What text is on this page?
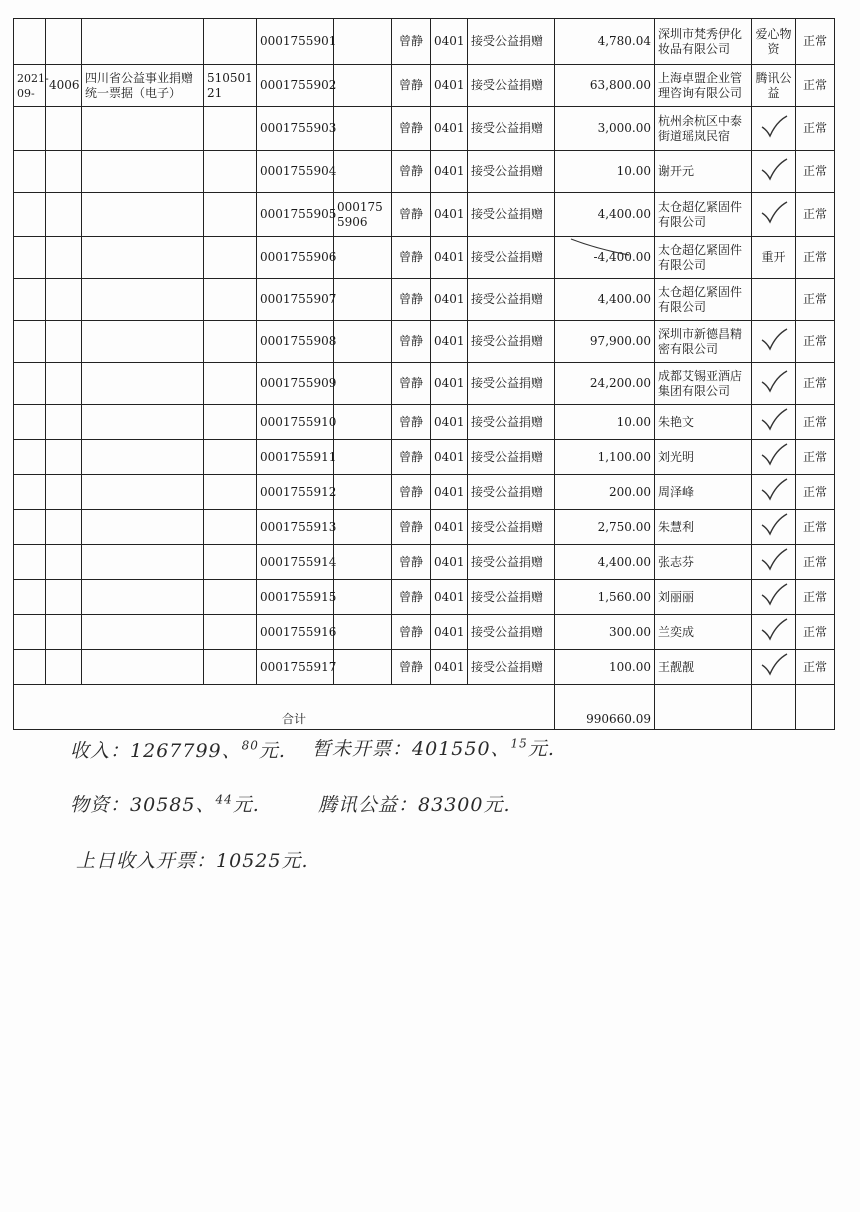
				0001755901		曾静	0401	接受公益捐赠	4,780.04	深圳市梵秀伊化妆品有限公司	爱心物资	正常
2021-09-	4006	四川省公益事业捐赠统一票据（电子）	51050121	0001755902		曾静	0401	接受公益捐赠	63,800.00	上海卓盟企业管理咨询有限公司	腾讯公益	正常
				0001755903		曾静	0401	接受公益捐赠	3,000.00	杭州余杭区中泰街道瑶岚民宿		正常
				0001755904		曾静	0401	接受公益捐赠	10.00	谢开元		正常
				0001755905	0001755906	曾静	0401	接受公益捐赠	4,400.00	太仓超亿紧固件有限公司		正常
				0001755906		曾静	0401	接受公益捐赠	-4,400.00	太仓超亿紧固件有限公司	重开	正常
				0001755907		曾静	0401	接受公益捐赠	4,400.00	太仓超亿紧固件有限公司		正常
				0001755908		曾静	0401	接受公益捐赠	97,900.00	深圳市新德昌精密有限公司		正常
				0001755909		曾静	0401	接受公益捐赠	24,200.00	成都艾锡亚酒店集团有限公司		正常
				0001755910		曾静	0401	接受公益捐赠	10.00	朱艳文		正常
				0001755911		曾静	0401	接受公益捐赠	1,100.00	刘光明		正常
				0001755912		曾静	0401	接受公益捐赠	200.00	周泽峰		正常
				0001755913		曾静	0401	接受公益捐赠	2,750.00	朱慧利		正常
				0001755914		曾静	0401	接受公益捐赠	4,400.00	张志芬		正常
				0001755915		曾静	0401	接受公益捐赠	1,560.00	刘丽丽		正常
				0001755916		曾静	0401	接受公益捐赠	300.00	兰奕成		正常
				0001755917		曾静	0401	接受公益捐赠	100.00	王靓靓		正常

合计									990660.09			
收入：1267799、$^{80}$元. 暂未开票：401550、$^{15}$元.
物资：30585、$^{44}$元.	腾讯公益：83300元.
上日收入开票：10525元.
